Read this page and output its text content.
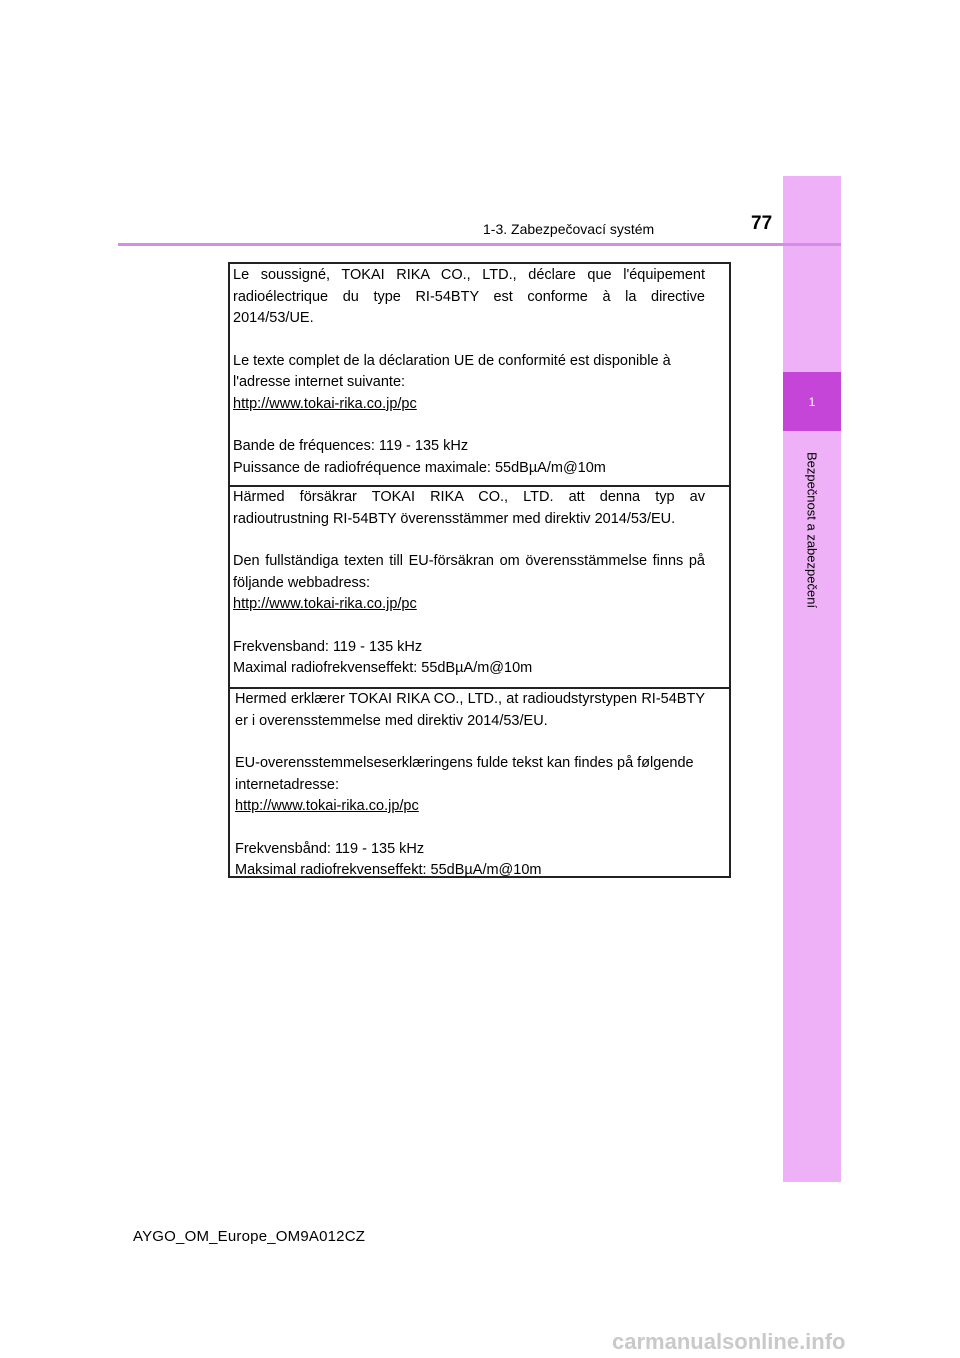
1
Bezpečnost a zabezpečení
1-3. Zabezpečovací systém	77

Le soussigné, TOKAI RIKA CO., LTD., déclare que l'équipement radioélectrique du type RI-54BTY est conforme à la directive 2014/53/UE.

Le texte complet de la déclaration UE de conformité est disponible à l'adresse internet suivante:

http://www.tokai-rika.co.jp/pc

Bande de fréquences: 119 - 135 kHz

Puissance de radiofréquence maximale: 55dBµA/m@10m

Härmed försäkrar TOKAI RIKA CO., LTD. att denna typ av radioutrustning RI-54BTY överensstämmer med direktiv 2014/53/EU.

Den fullständiga texten till EU-försäkran om överensstämmelse finns på följande webbadress:

http://www.tokai-rika.co.jp/pc

Frekvensband: 119 - 135 kHz

Maximal radiofrekvenseffekt: 55dBµA/m@10m

Hermed erklærer TOKAI RIKA CO., LTD., at radioudstyrstypen RI-54BTY er i overensstemmelse med direktiv 2014/53/EU.

EU-overensstemmelseserklæringens fulde tekst kan findes på følgende internetadresse:

http://www.tokai-rika.co.jp/pc

Frekvensbånd: 119 - 135 kHz

Maksimal radiofrekvenseffekt: 55dBµA/m@10m

AYGO_OM_Europe_OM9A012CZ
carmanualsonline.info
